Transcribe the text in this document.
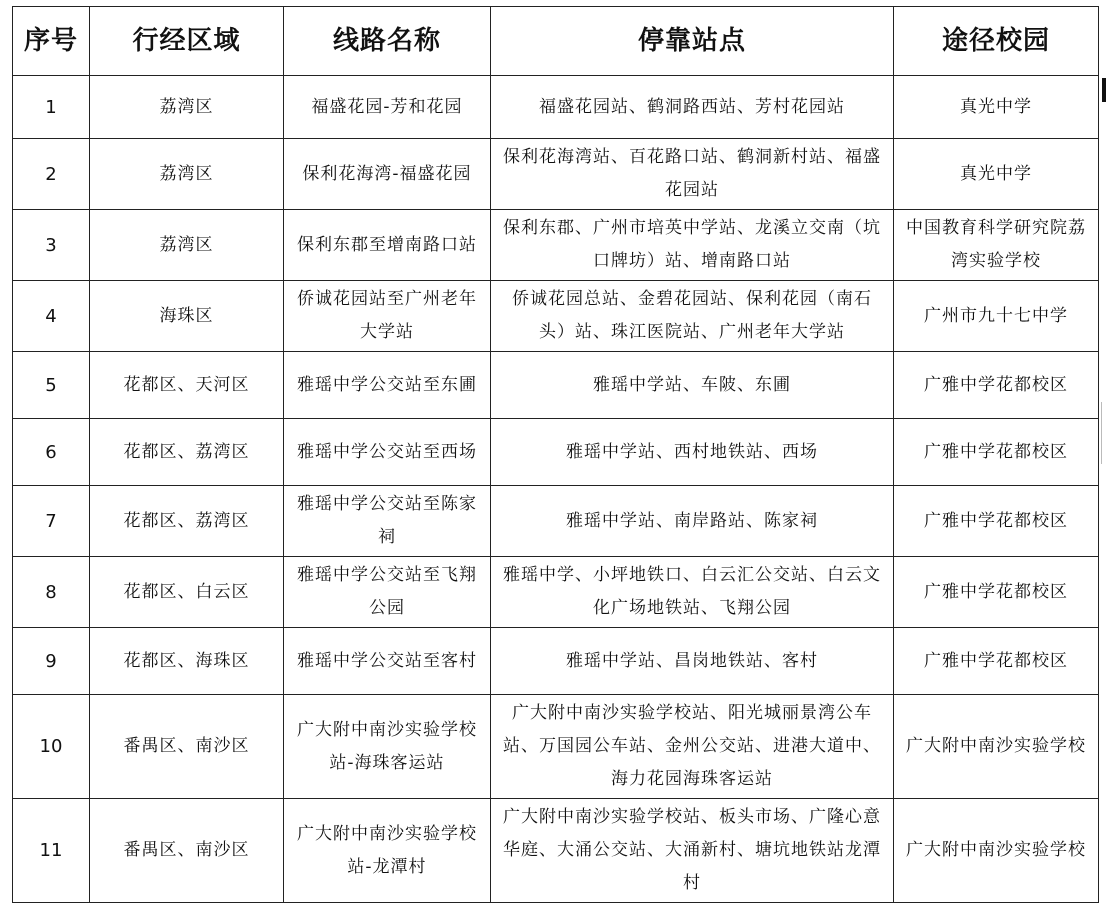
序号	行经区域	线路名称	停靠站点	途径校园
1	荔湾区	福盛花园-芳和花园	福盛花园站、鹤洞路西站、芳村花园站	真光中学
2	荔湾区	保利花海湾-福盛花园	保利花海湾站、百花路口站、鹤洞新村站、福盛花园站	真光中学
3	荔湾区	保利东郡至增南路口站	保利东郡、广州市培英中学站、龙溪立交南（坑口牌坊）站、增南路口站	中国教育科学研究院荔湾实验学校
4	海珠区	侨诚花园站至广州老年大学站	侨诚花园总站、金碧花园站、保利花园（南石头）站、珠江医院站、广州老年大学站	广州市九十七中学
5	花都区、天河区	雅瑶中学公交站至东圃	雅瑶中学站、车陂、东圃	广雅中学花都校区
6	花都区、荔湾区	雅瑶中学公交站至西场	雅瑶中学站、西村地铁站、西场	广雅中学花都校区
7	花都区、荔湾区	雅瑶中学公交站至陈家祠	雅瑶中学站、南岸路站、陈家祠	广雅中学花都校区
8	花都区、白云区	雅瑶中学公交站至飞翔公园	雅瑶中学、小坪地铁口、白云汇公交站、白云文化广场地铁站、飞翔公园	广雅中学花都校区
9	花都区、海珠区	雅瑶中学公交站至客村	雅瑶中学站、昌岗地铁站、客村	广雅中学花都校区
10	番禺区、南沙区	广大附中南沙实验学校站-海珠客运站	广大附中南沙实验学校站、阳光城丽景湾公车站、万国园公车站、金州公交站、进港大道中、海力花园海珠客运站	广大附中南沙实验学校
11	番禺区、南沙区	广大附中南沙实验学校站-龙潭村	广大附中南沙实验学校站、板头市场、广隆心意华庭、大涌公交站、大涌新村、塘坑地铁站龙潭村	广大附中南沙实验学校
